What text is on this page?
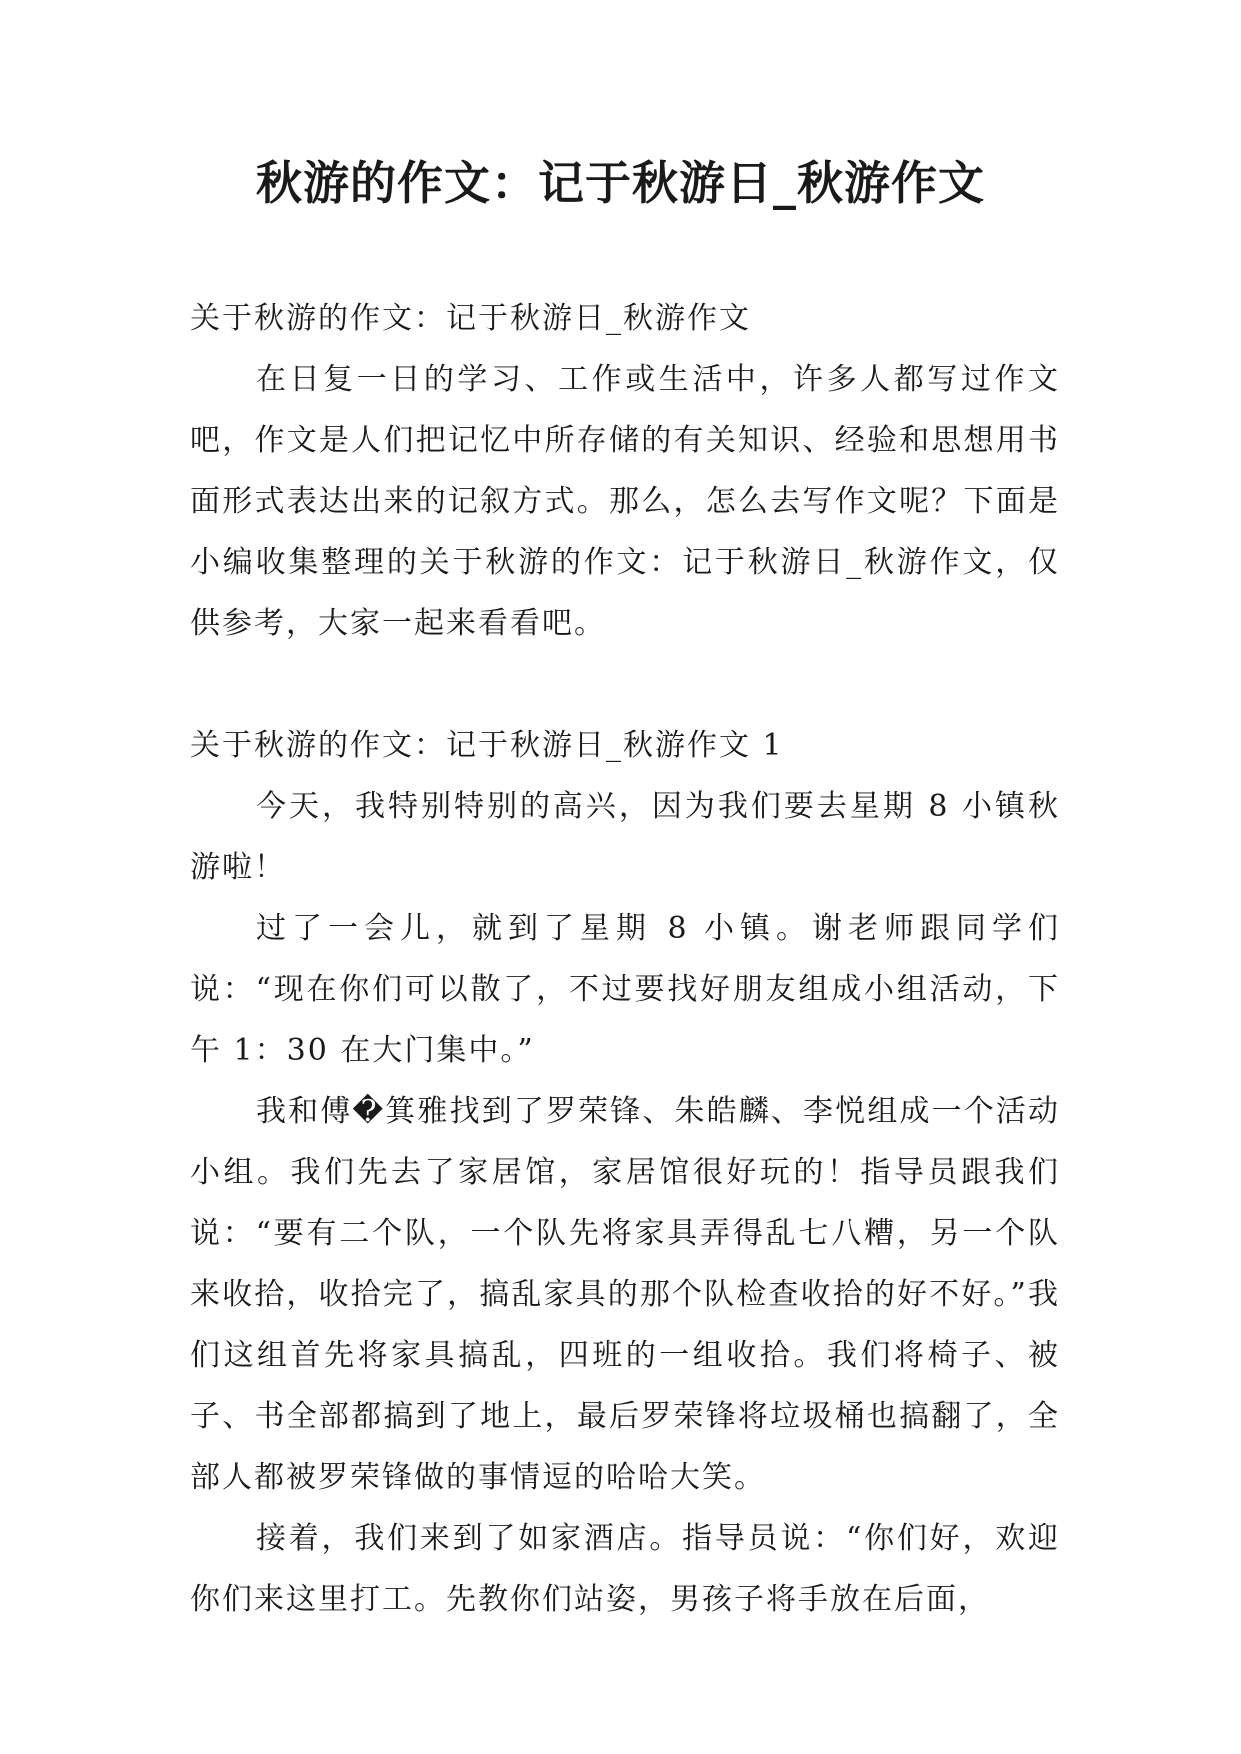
秋游的作文：记于秋游日_秋游作文

关于秋游的作文：记于秋游日_秋游作文

在日复一日的学习、工作或生活中，许多人都写过作文吧，作文是人们把记忆中所存储的有关知识、经验和思想用书面形式表达出来的记叙方式。那么，怎么去写作文呢？下面是小编收集整理的关于秋游的作文：记于秋游日_秋游作文，仅供参考，大家一起来看看吧。

关于秋游的作文：记于秋游日_秋游作文 1

今天，我特别特别的高兴，因为我们要去星期 8 小镇秋游啦！

过了一会儿，就到了星期 8 小镇。谢老师跟同学们说：“现在你们可以散了，不过要找好朋友组成小组活动，下午 1：30 在大门集中。”

我和傅�箕雅找到了罗荣锋、朱皓麟、李悦组成一个活动小组。我们先去了家居馆，家居馆很好玩的！指导员跟我们说：“要有二个队，一个队先将家具弄得乱七八糟，另一个队来收拾，收拾完了，搞乱家具的那个队检查收拾的好不好。”我们这组首先将家具搞乱，四班的一组收拾。我们将椅子、被子、书全部都搞到了地上，最后罗荣锋将垃圾桶也搞翻了，全部人都被罗荣锋做的事情逗的哈哈大笑。

接着，我们来到了如家酒店。指导员说：“你们好，欢迎你们来这里打工。先教你们站姿，男孩子将手放在后面，
